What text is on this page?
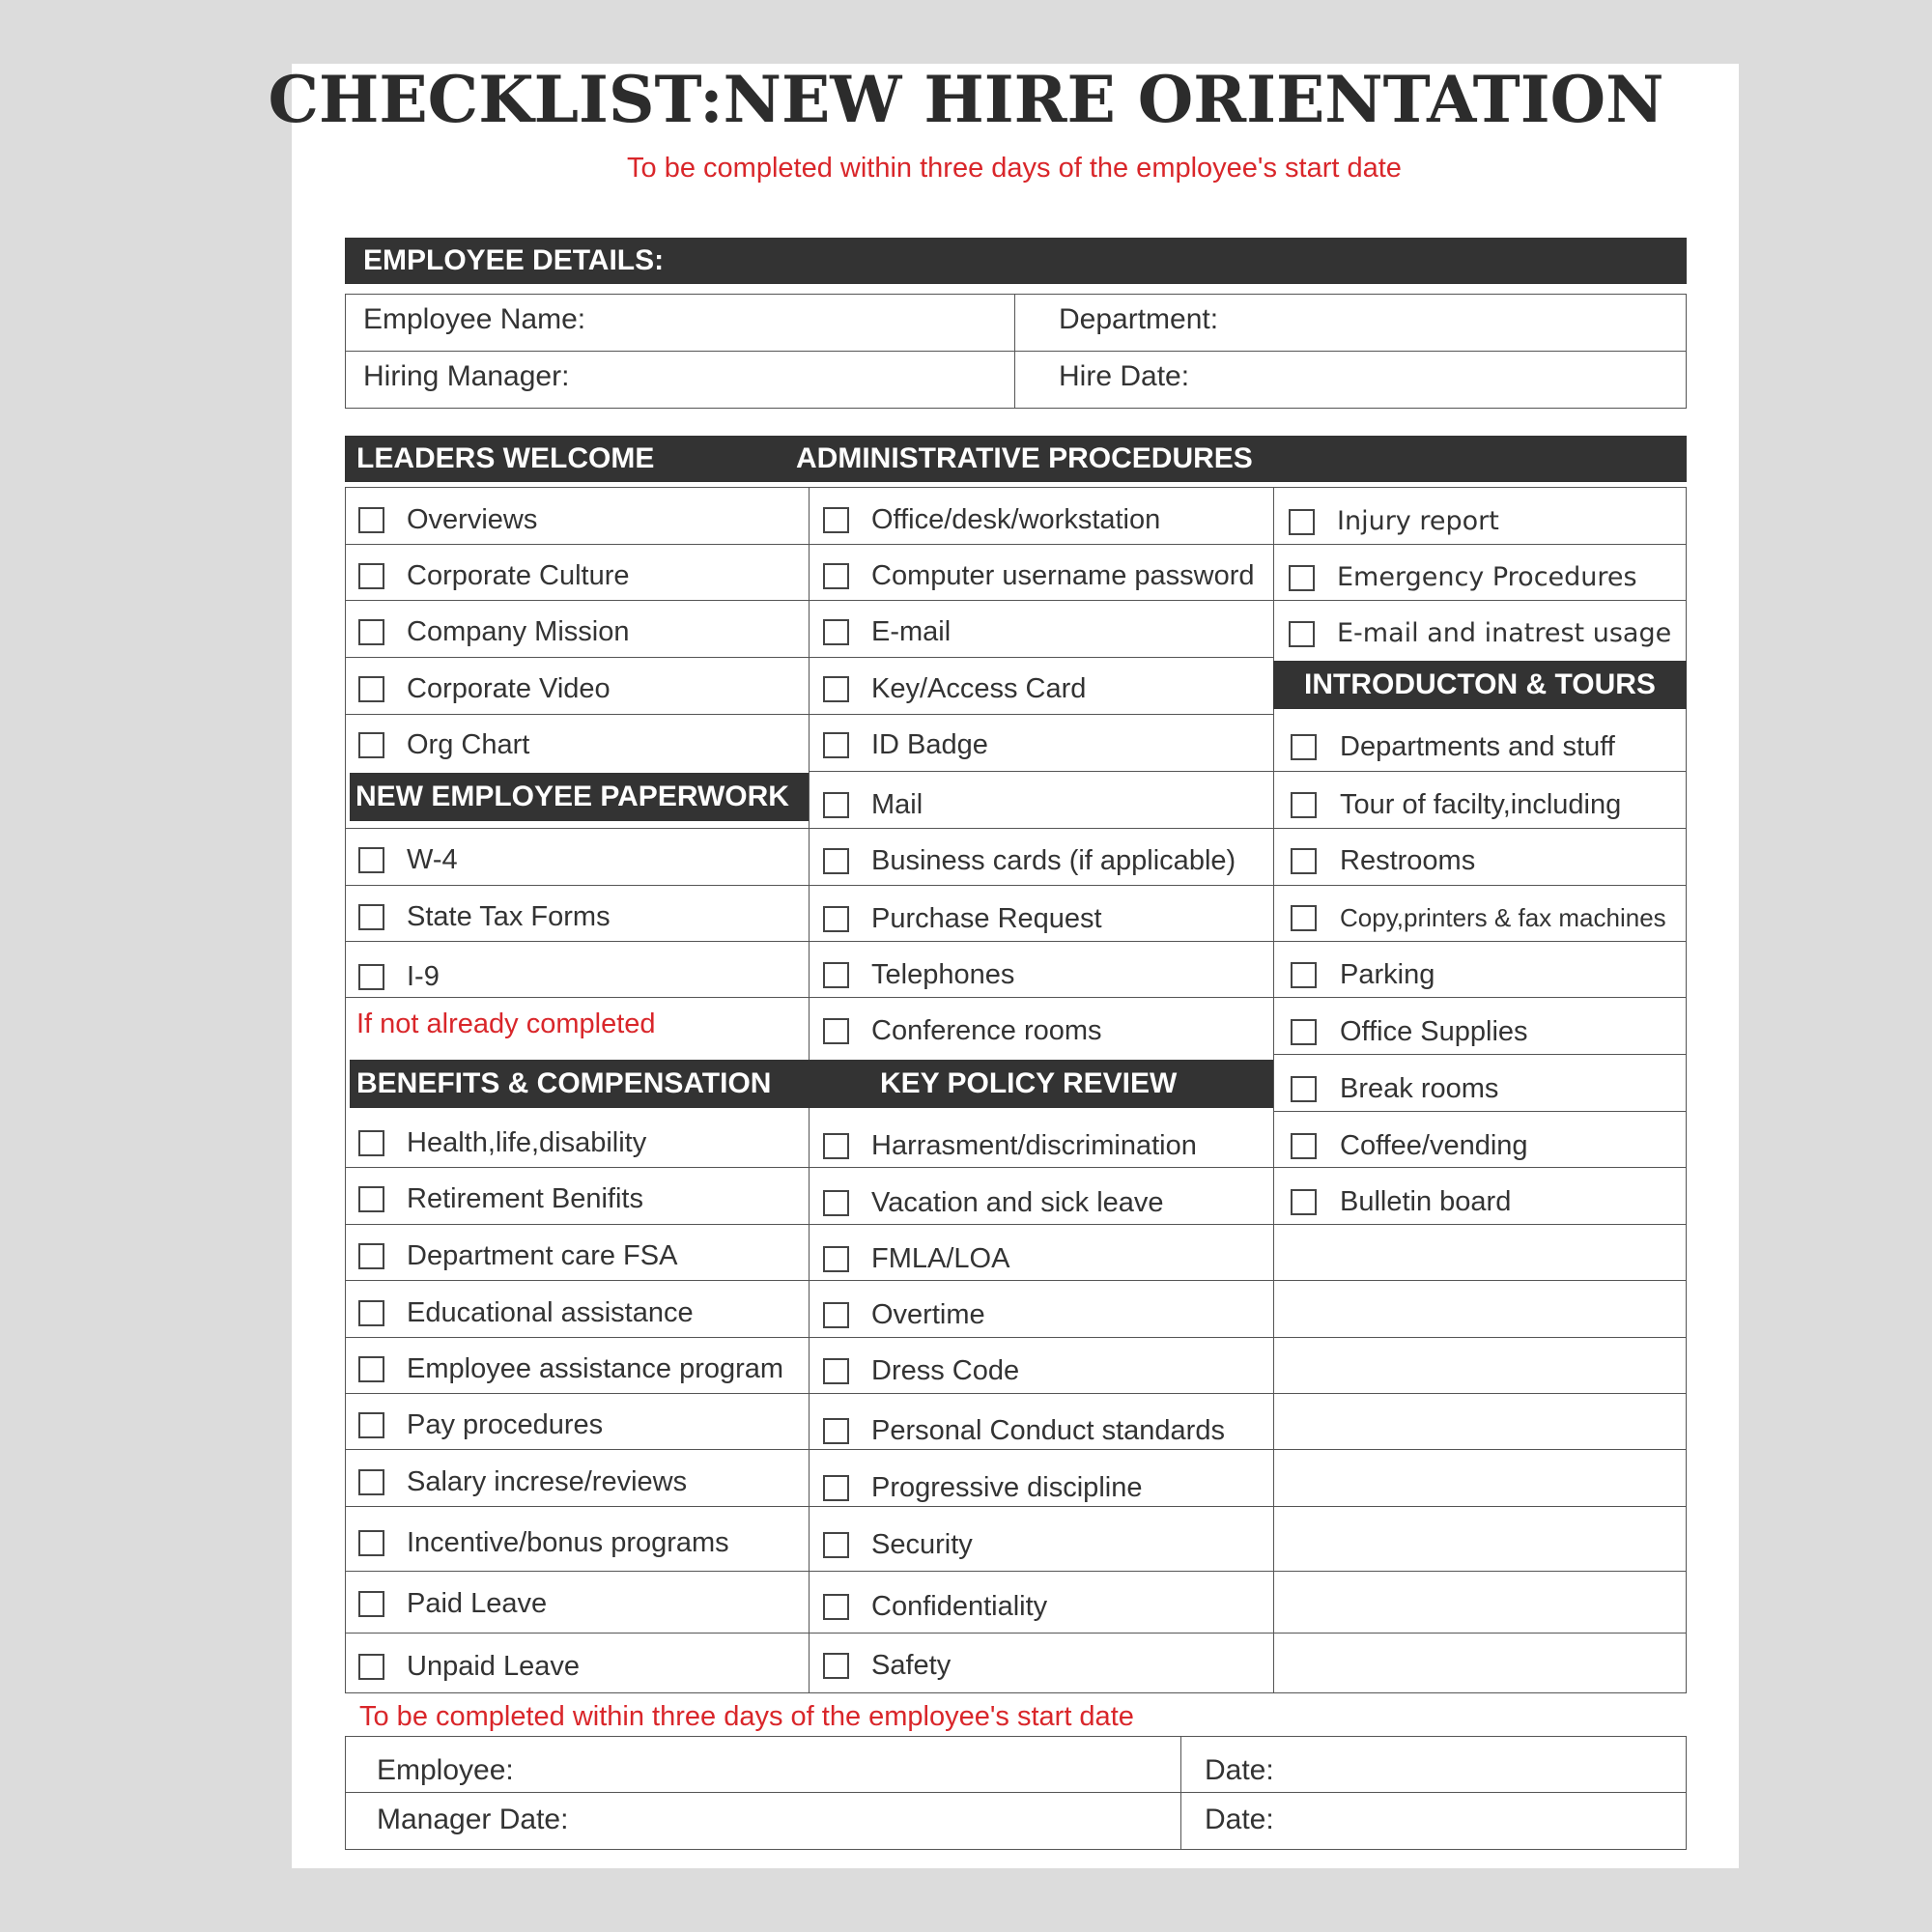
CHECKLIST:NEW HIRE ORIENTATION
To be completed within three days of the employee's start date
EMPLOYEE DETAILS:
Employee Name:	Department:
Hiring Manager:	Hire Date:
LEADERS WELCOME	ADMINISTRATIVE PROCEDURES
Overviews
Corporate Culture
Company Mission
Corporate Video
Org Chart
NEW EMPLOYEE PAPERWORK
W-4
State Tax Forms
I-9
If not already completed
BENEFITS & COMPENSATION	KEY POLICY REVIEW
Health,life,disability
Retirement Benifits
Department care FSA
Educational assistance
Employee assistance program
Pay procedures
Salary increse/reviews
Incentive/bonus programs
Paid Leave
Unpaid Leave
Office/desk/workstation
Computer username password
E-mail
Key/Access Card
ID Badge
Mail
Business cards (if applicable)
Purchase Request
Telephones
Conference rooms
Harrasment/discrimination
Vacation and sick leave
FMLA/LOA
Overtime
Dress Code
Personal Conduct standards
Progressive discipline
Security
Confidentiality
Safety
Injury report
Emergency Procedures
E-mail and inatrest usage
INTRODUCTON & TOURS
Departments and stuff
Tour of facilty,including
Restrooms
Copy,printers & fax machines
Parking
Office Supplies
Break rooms
Coffee/vending
Bulletin board
To be completed within three days of the employee's start date
Employee:	Date:
Manager Date:	Date:
